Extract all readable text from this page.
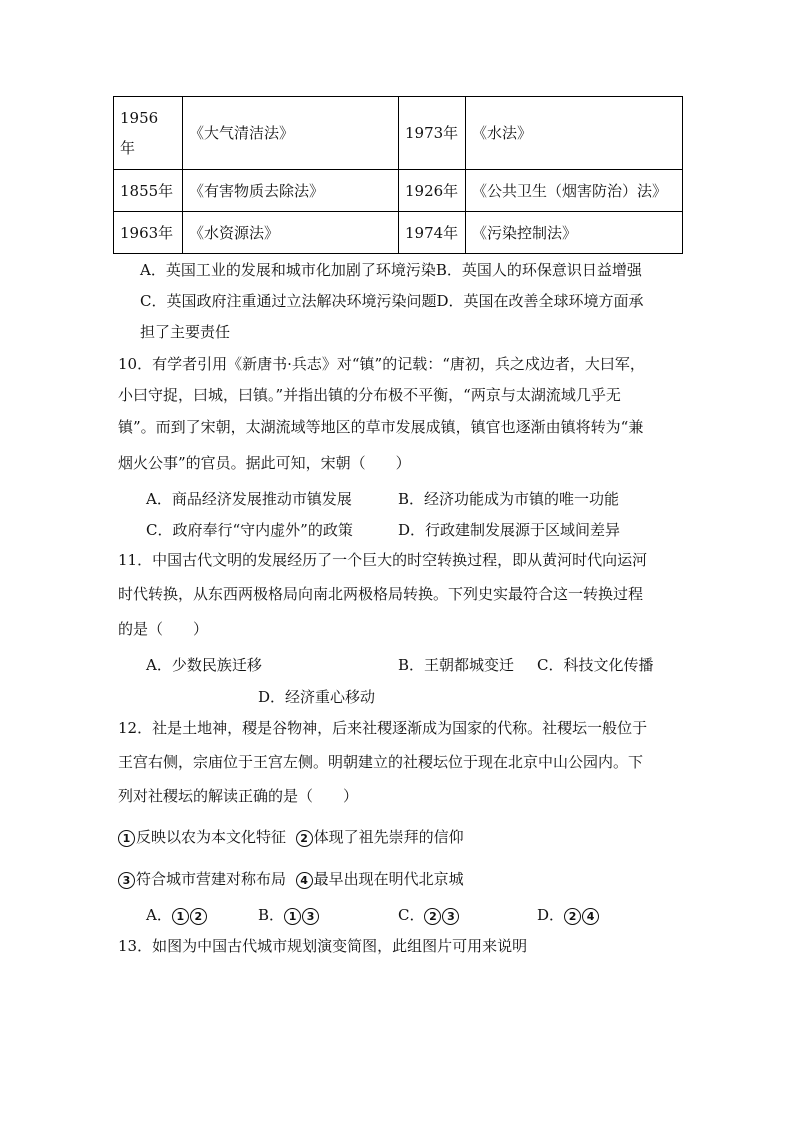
1956年	《大气清洁法》	1973年	《水法》
1855年	《有害物质去除法》	1926年	《公共卫生（烟害防治）法》
1963年	《水资源法》	1974年	《污染控制法》
A．英国工业的发展和城市化加剧了环境污染B．英国人的环保意识日益增强
C．英国政府注重通过立法解决环境污染问题D．英国在改善全球环境方面承
担了主要责任
10．有学者引用《新唐书·兵志》对“镇”的记载：“唐初，兵之戍边者，大曰军，
小曰守捉，曰城，曰镇。”并指出镇的分布极不平衡，“两京与太湖流域几乎无
镇”。而到了宋朝，太湖流域等地区的草市发展成镇，镇官也逐渐由镇将转为“兼
烟火公事”的官员。据此可知，宋朝（　　）
A．商品经济发展推动市镇发展	B．经济功能成为市镇的唯一功能
C．政府奉行“守内虚外”的政策	D．行政建制发展源于区域间差异
11．中国古代文明的发展经历了一个巨大的时空转换过程，即从黄河时代向运河
时代转换，从东西两极格局向南北两极格局转换。下列史实最符合这一转换过程
的是（　　）
A．少数民族迁移	B．王朝都城变迁 C．科技文化传播
D．经济重心移动
12．社是土地神，稷是谷物神，后来社稷逐渐成为国家的代称。社稷坛一般位于
王宫右侧，宗庙位于王宫左侧。明朝建立的社稷坛位于现在北京中山公园内。下
列对社稷坛的解读正确的是（　　）
1 反映以农为本文化特征 2 体现了祖先崇拜的信仰
3 符合城市营建对称布局 4 最早出现在明代北京城
A． 1 2	B． 1 3	C． 2 3	D． 2 4
13．如图为中国古代城市规划演变简图，此组图片可用来说明
